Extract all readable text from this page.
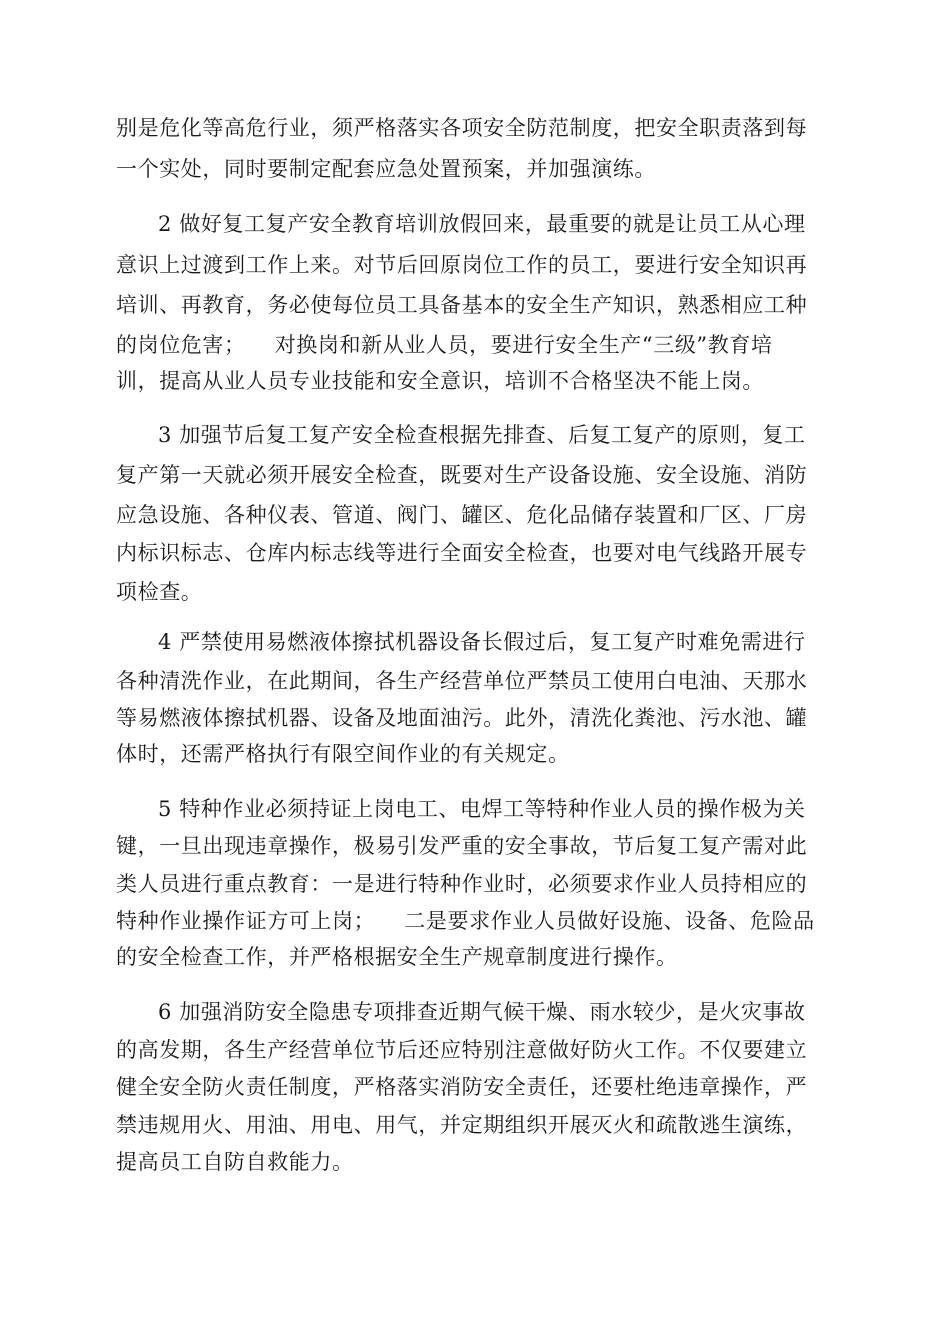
别是危化等高危行业，须严格落实各项安全防范制度，把安全职责落到每
一个实处，同时要制定配套应急处置预案，并加强演练。
2 做好复工复产安全教育培训放假回来，最重要的就是让员工从心理
意识上过渡到工作上来。对节后回原岗位工作的员工，要进行安全知识再
培训、再教育，务必使每位员工具备基本的安全生产知识，熟悉相应工种
的岗位危害；    对换岗和新从业人员，要进行安全生产“三级”教育培
训，提高从业人员专业技能和安全意识，培训不合格坚决不能上岗。
3 加强节后复工复产安全检查根据先排查、后复工复产的原则，复工
复产第一天就必须开展安全检查，既要对生产设备设施、安全设施、消防
应急设施、各种仪表、管道、阀门、罐区、危化品储存装置和厂区、厂房
内标识标志、仓库内标志线等进行全面安全检查，也要对电气线路开展专
项检查。
4 严禁使用易燃液体擦拭机器设备长假过后，复工复产时难免需进行
各种清洗作业，在此期间，各生产经营单位严禁员工使用白电油、天那水
等易燃液体擦拭机器、设备及地面油污。此外，清洗化粪池、污水池、罐
体时，还需严格执行有限空间作业的有关规定。
5 特种作业必须持证上岗电工、电焊工等特种作业人员的操作极为关
键，一旦出现违章操作，极易引发严重的安全事故，节后复工复产需对此
类人员进行重点教育：一是进行特种作业时，必须要求作业人员持相应的
特种作业操作证方可上岗；    二是要求作业人员做好设施、设备、危险品
的安全检查工作，并严格根据安全生产规章制度进行操作。
6 加强消防安全隐患专项排查近期气候干燥、雨水较少，是火灾事故
的高发期，各生产经营单位节后还应特别注意做好防火工作。不仅要建立
健全安全防火责任制度，严格落实消防安全责任，还要杜绝违章操作，严
禁违规用火、用油、用电、用气，并定期组织开展灭火和疏散逃生演练，
提高员工自防自救能力。
